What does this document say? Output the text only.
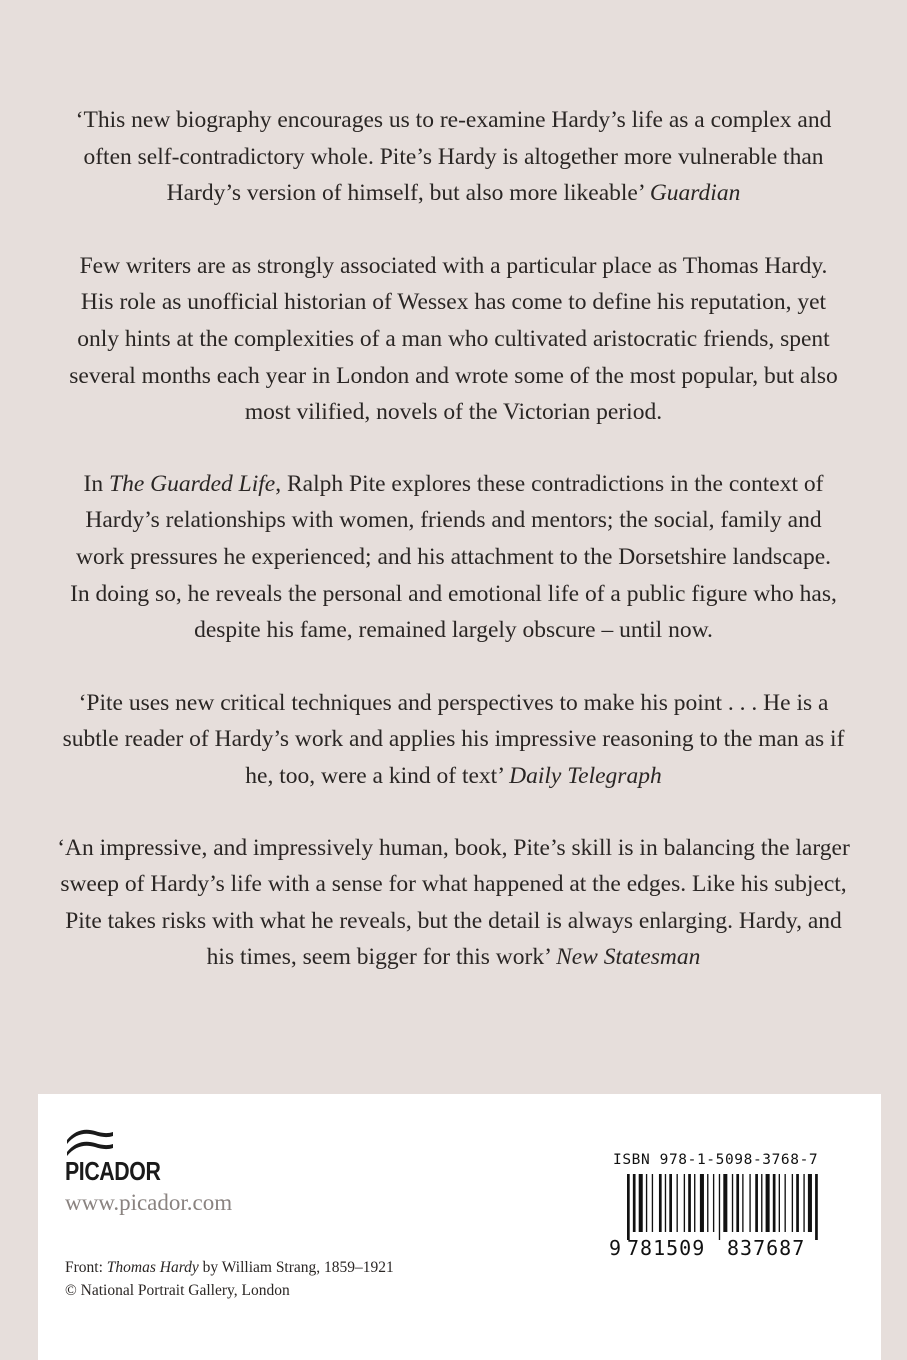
‘This new biography encourages us to re-examine Hardy’s life as a complex and
often self-contradictory whole. Pite’s Hardy is altogether more vulnerable than
Hardy’s version of himself, but also more likeable’ Guardian

Few writers are as strongly associated with a particular place as Thomas Hardy.
His role as unofficial historian of Wessex has come to define his reputation, yet
only hints at the complexities of a man who cultivated aristocratic friends, spent
several months each year in London and wrote some of the most popular, but also
most vilified, novels of the Victorian period.

In The Guarded Life, Ralph Pite explores these contradictions in the context of
Hardy’s relationships with women, friends and mentors; the social, family and
work pressures he experienced; and his attachment to the Dorsetshire landscape.
In doing so, he reveals the personal and emotional life of a public figure who has,
despite his fame, remained largely obscure – until now.

‘Pite uses new critical techniques and perspectives to make his point . . . He is a
subtle reader of Hardy’s work and applies his impressive reasoning to the man as if
he, too, were a kind of text’ Daily Telegraph

‘An impressive, and impressively human, book, Pite’s skill is in balancing the larger
sweep of Hardy’s life with a sense for what happened at the edges. Like his subject,
Pite takes risks with what he reveals, but the detail is always enlarging. Hardy, and
his times, seem bigger for this work’ New Statesman

PICADOR
www.picador.com
Front: Thomas Hardy by William Strang, 1859–1921
© National Portrait Gallery, London
ISBN 978-1-5098-3768-7
9 781509 837687
